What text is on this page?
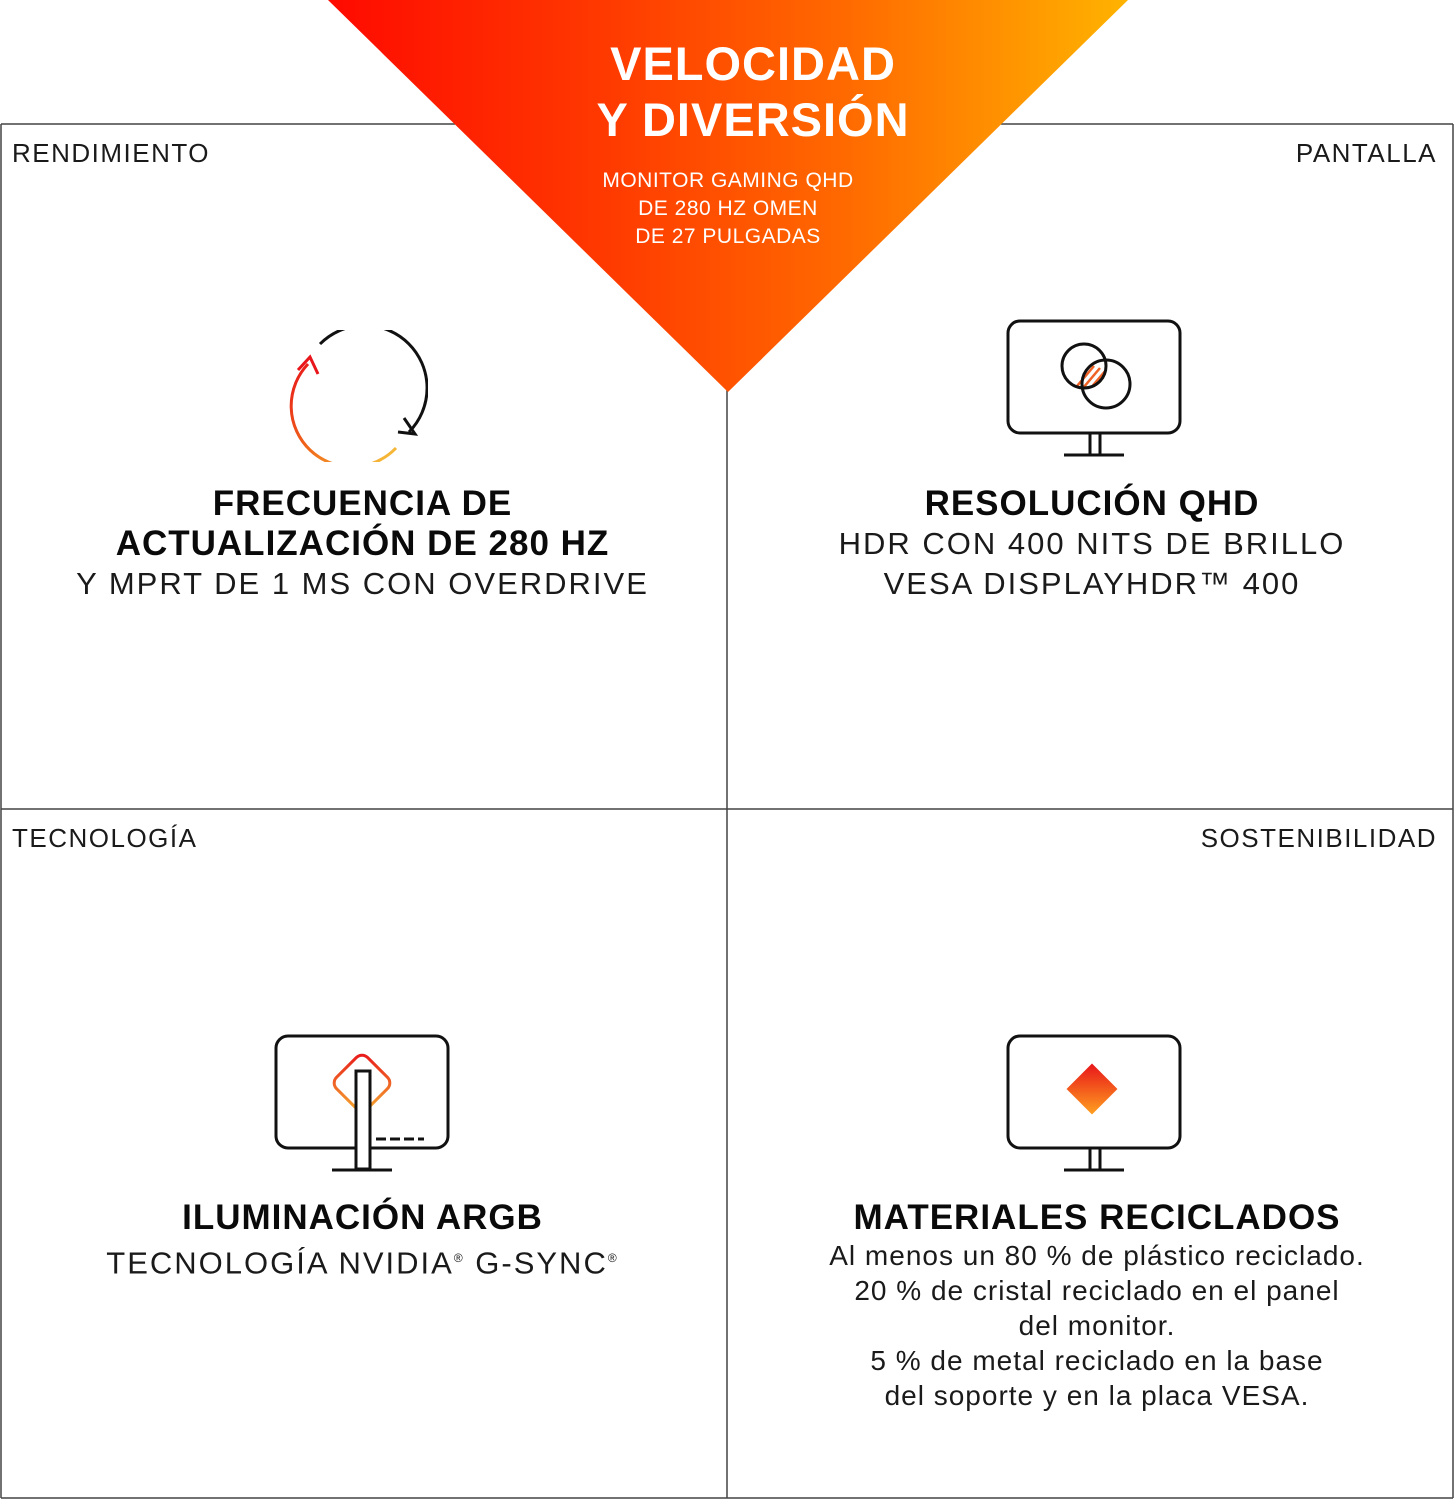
VELOCIDAD
Y DIVERSIÓN
MONITOR GAMING QHD
DE 280 HZ OMEN
DE 27 PULGADAS
RENDIMIENTO	PANTALLA
TECNOLOGÍA	SOSTENIBILIDAD
FRECUENCIA DE
ACTUALIZACIÓN DE 280 HZ
Y MPRT DE 1 MS CON OVERDRIVE
RESOLUCIÓN QHD
HDR CON 400 NITS DE BRILLO
VESA DISPLAYHDR™ 400
ILUMINACIÓN ARGB
TECNOLOGÍA NVIDIA® G-SYNC®
MATERIALES RECICLADOS
Al menos un 80 % de plástico reciclado.
20 % de cristal reciclado en el panel
del monitor.
5 % de metal reciclado en la base
del soporte y en la placa VESA.
